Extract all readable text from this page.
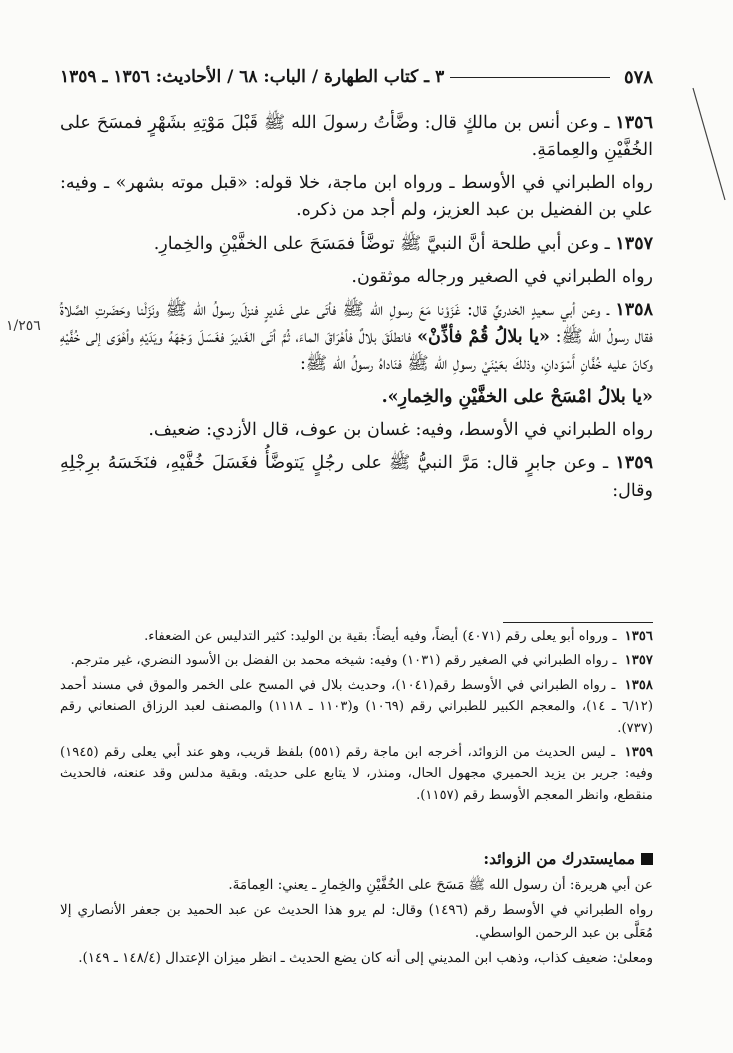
٥٧٨
٣ ـ كتاب الطهارة / الباب: ٦٨ / الأحاديث: ١٣٥٦ ـ ١٣٥٩
١/٢٥٦

١٣٥٦ ـ وعن أنس بن مالكٍ قال: وضَّأتُ رسولَ الله ﷺ قَبْلَ مَوْتِهِ بشَهْرٍ فمسَحَ على الخُفَّيْنِ والعِمامَةِ.

رواه الطبراني في الأوسط ـ ورواه ابن ماجة، خلا قوله: «قبل موته بشهر» ـ وفيه: علي بن الفضيل بن عبد العزيز، ولم أجد من ذكره.

١٣٥٧ ـ وعن أبي طلحة أنَّ النبيَّ ﷺ توضَّأ فمَسَحَ على الخفَّيْنِ والخِمارِ.

رواه الطبراني في الصغير ورجاله موثقون.

١٣٥٨ ـ وعن أبي سعيدٍ الخدريِّ قال: غَزَوْنا مَعَ رسولِ الله ﷺ فأتَى على غَديرٍ فنزلَ رسولُ الله ﷺ ونَزَلْنا وحَضَرتِ الصَّلاةُ فقال رسولُ الله ﷺ: «يا بلالُ قُمْ فأذِّنْ» فانطلَقَ بلالٌ فأهْرَاقَ الماءَ، ثُمَّ أتَى الغَديرَ فغَسَلَ وَجْهَهُ ويَدَيْهِ وأهْوَى إلى خُفَّيْهِ وكانَ عليه خُفَّانِ أَسْوَدانِ، وذلكَ بعَيْنَيْ رسولِ الله ﷺ فنَاداهُ رسولُ الله ﷺ:

«يا بلالُ امْسَحْ على الخفَّيْنِ والخِمارِ».

رواه الطبراني في الأوسط، وفيه: غسان بن عوف، قال الأزدي: ضعيف.

١٣٥٩ ـ وعن جابرٍ قال: مَرَّ النبيُّ ﷺ على رجُلٍ يَتوضَّأُ فغَسَلَ خُفَّيْهِ، فنَخَسَهُ برِجْلِهِ وقال:

١٣٥٦ ـ ورواه أبو يعلى رقم (٤٠٧١) أيضاً، وفيه أيضاً: بقية بن الوليد: كثير التدليس عن الضعفاء.

١٣٥٧ ـ رواه الطبراني في الصغير رقم (١٠٣١) وفيه: شيخه محمد بن الفضل بن الأسود النضري، غير مترجم.

١٣٥٨ ـ رواه الطبراني في الأوسط رقم(١٠٤١)، وحديث بلال في المسح على الخمر والموق في مسند أحمد (٦/١٢ ـ ١٤)، والمعجم الكبير للطبراني رقم (١٠٦٩) و(١١٠٣ ـ ١١١٨) والمصنف لعبد الرزاق الصنعاني رقم (٧٣٧).

١٣٥٩ ـ ليس الحديث من الزوائد، أخرجه ابن ماجة رقم (٥٥١) بلفظ قريب، وهو عند أبي يعلى رقم (١٩٤٥) وفيه: جرير بن يزيد الحميري مجهول الحال، ومنذر، لا يتابع على حديثه. وبقية مدلس وقد عنعنه، فالحديث منقطع، وانظر المعجم الأوسط رقم (١١٥٧).

ممايستدرك من الزوائد:

عن أبي هريرة: أن رسول الله ﷺ مَسَحَ على الخُفَّيْنِ والخِمارِ ـ يعني: العِمامَةَ.

رواه الطبراني في الأوسط رقم (١٤٩٦) وقال: لم يرو هذا الحديث عن عبد الحميد بن جعفر الأنصاري إلا مُعَلَّى بن عبد الرحمن الواسطي.

ومعلىٰ: ضعيف كذاب، وذهب ابن المديني إلى أنه كان يضع الحديث ـ انظر ميزان الإعتدال (١٤٨/٤ ـ ١٤٩).
